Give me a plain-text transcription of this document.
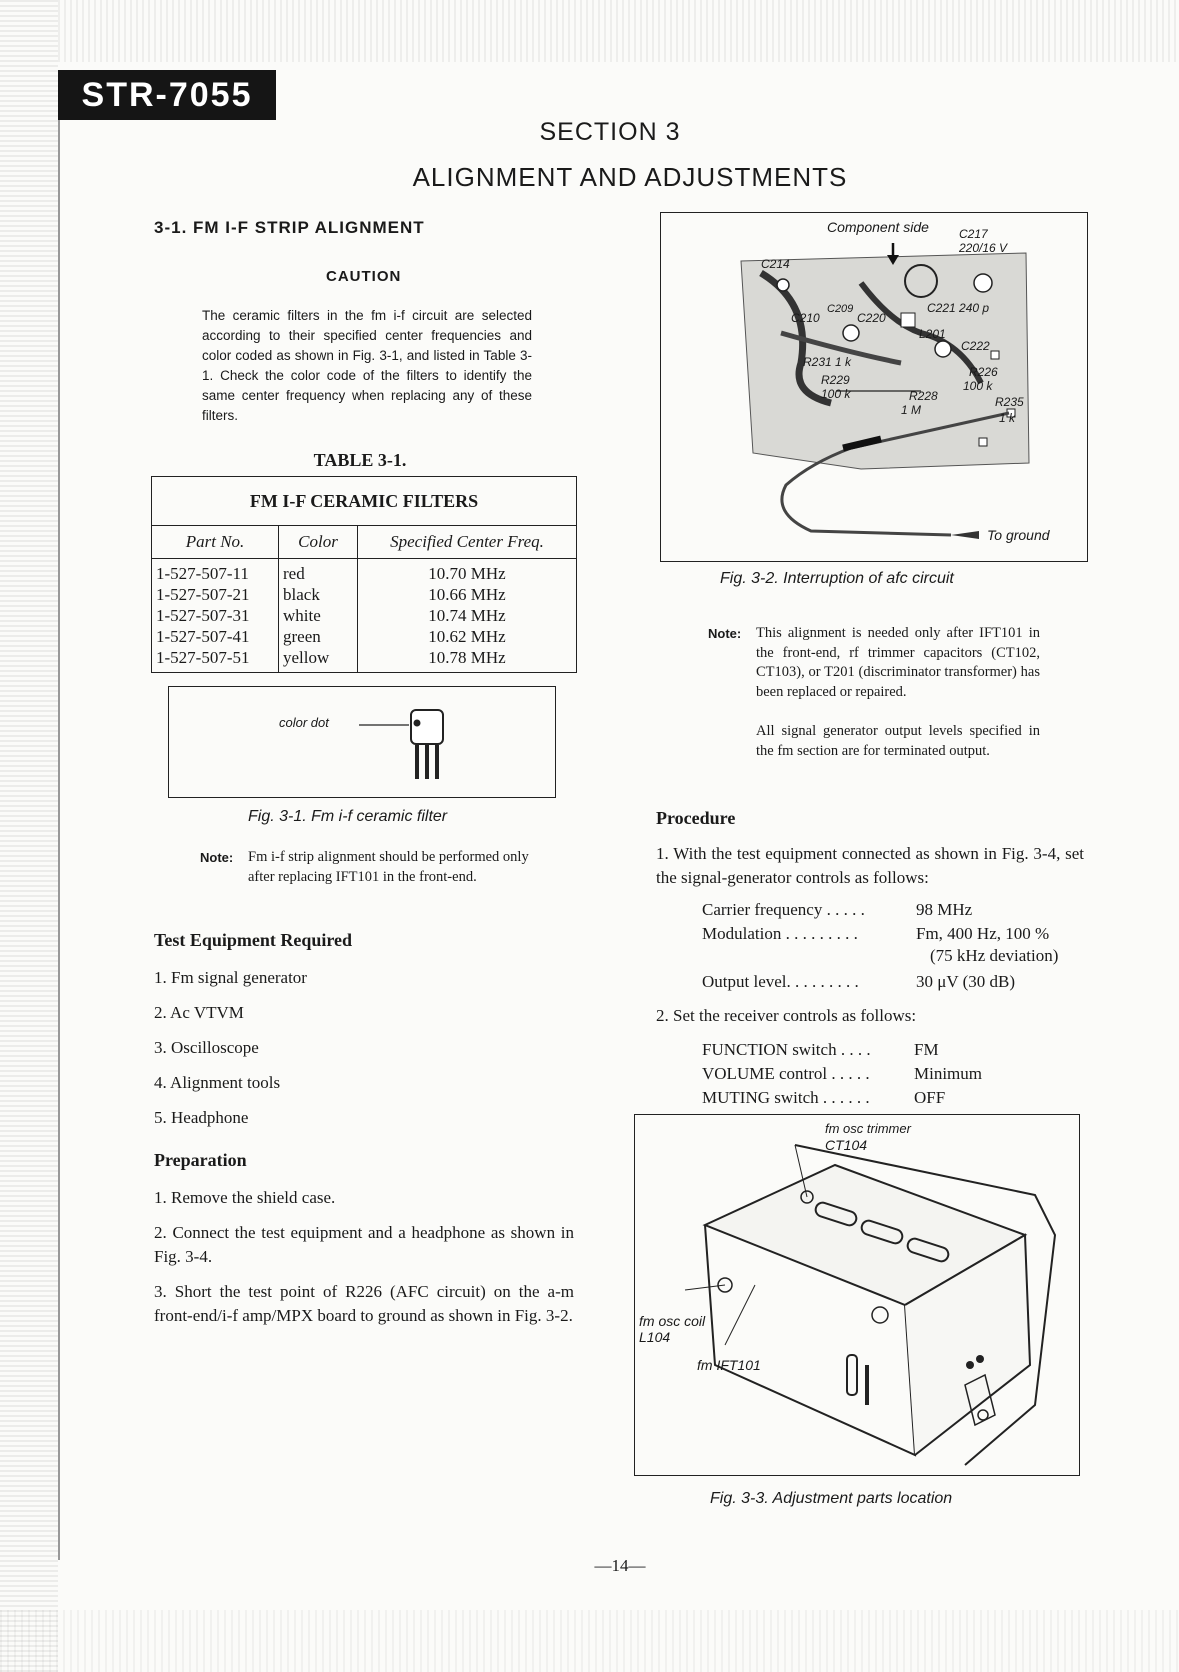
STR-7055
SECTION 3
ALIGNMENT AND ADJUSTMENTS
3-1. FM I-F STRIP ALIGNMENT
CAUTION
The ceramic filters in the fm i-f circuit are selected according to their specified center frequencies and color coded as shown in Fig. 3-1, and listed in Table 3-1. Check the color code of the filters to identify the same center frequency when replacing any of these filters.
TABLE 3-1.
FM I-F CERAMIC FILTERS		
Part No.	Color	Specified Center Freq.
1-527-507-11	red	10.70 MHz
1-527-507-21	black	10.66 MHz
1-527-507-31	white	10.74 MHz
1-527-507-41	green	10.62 MHz
1-527-507-51	yellow	10.78 MHz
color dot
Fig. 3-1. Fm i-f ceramic filter
Note: Fm i-f strip alignment should be performed only after replacing IFT101 in the front-end.
Test Equipment Required
1. Fm signal generator
2. Ac VTVM
3. Oscilloscope
4. Alignment tools
5. Headphone
Preparation
1. Remove the shield case.
2. Connect the test equipment and a headphone as shown in Fig. 3-4.
3. Short the test point of R226 (AFC circuit) on the a-m front-end/i-f amp/MPX board to ground as shown in Fig. 3-2.
Component side	C217
220/16 V
C214
C210
C209
C220
C221 240 p
L201
C222
R231 1 k
R229
100 k
R226
100 k
R228
1 M
R235
1 k
To ground
Fig. 3-2. Interruption of afc circuit
Note: This alignment is needed only after IFT101 in the front-end, rf trimmer capacitors (CT102, CT103), or T201 (discriminator transformer) has been replaced or repaired.
All signal generator output levels specified in the fm section are for terminated output.
Procedure
1. With the test equipment connected as shown in Fig. 3-4, set the signal-generator controls as follows:
Carrier frequency . . . . .	98 MHz
Modulation . . . . . . . . .	Fm, 400 Hz, 100 %
(75 kHz deviation)
Output level. . . . . . . . .	30 μV (30 dB)
2. Set the receiver controls as follows:
FUNCTION switch . . . .	FM
VOLUME control . . . . .	Minimum
MUTING switch . . . . . .	OFF
fm osc trimmer
CT104
fm osc coil
L104
fm IFT101
Fig. 3-3. Adjustment parts location
—14—
